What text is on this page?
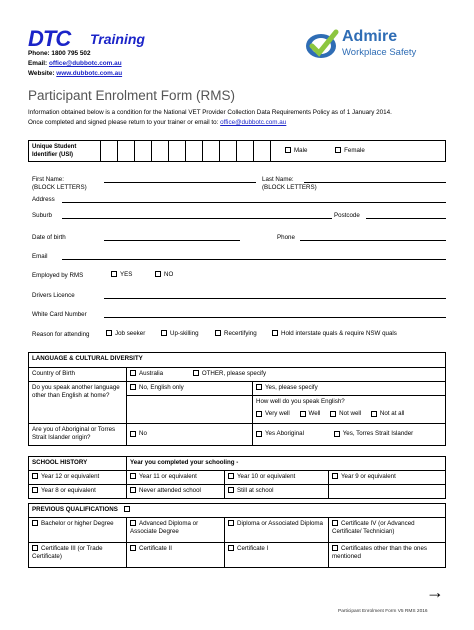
DTC Training
Phone: 1800 795 502
Email: office@dubbotc.com.au
Website: www.dubbotc.com.au
Admire
Workplace Safety
Participant Enrolment Form (RMS)
Information obtained below is a condition for the National VET Provider Collection Data Requirements Policy as of 1 January 2014.
Once completed and signed please return to your trainer or email to: office@dubbotc.com.au
Unique Student Identifier (USI)											Male	Female
First Name:
(BLOCK LETTERS)
Last Name:
(BLOCK LETTERS)
Address
Suburb	Postcode
Date of birth	Phone
Email
Employed by RMS	YES	NO
Drivers Licence
White Card Number
Reason for attending	Job seeker	Up-skilling	Recertifying	Hold interstate quals & require NSW quals
LANGUAGE & CULTURAL DIVERSITY		
Country of Birth	Australia OTHER, please specify	
Do you speak another language other than English at home?	No, English only	Yes, please specify

		How well do you speak English?
Very well Well Not well Not at all
Are you of Aboriginal or Torres Strait Islander origin?	No	Yes Aboriginal Yes, Torres Strait Islander
SCHOOL HISTORY	Year you completed your schooling -		
Year 12 or equivalent	Year 11 or equivalent	Year 10 or equivalent	Year 9 or equivalent
Year 8 or equivalent	Never attended school	Still at school	
PREVIOUS QUALIFICATIONS			
Bachelor or higher Degree	Advanced Diploma or Associate Degree	Diploma or Associated Diploma	Certificate IV (or Advanced Certificate/ Technician)
Certificate III (or Trade Certificate)	Certificate II	Certificate I	Certificates other than the ones mentioned
→
Participant Enrolment Form V5 RMS 2016
